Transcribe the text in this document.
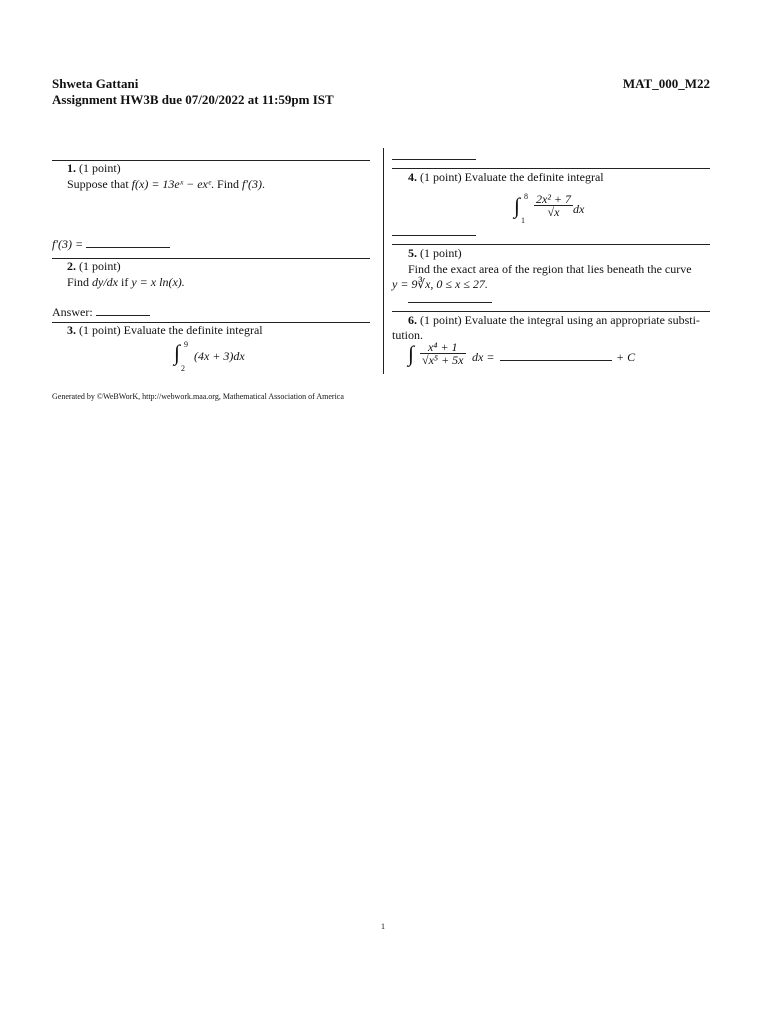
Shweta Gattani	MAT_000_M22
Assignment HW3B due 07/20/2022 at 11:59pm IST
1. (1 point)
Suppose that f(x) = 13eˣ − exᵉ. Find f′(3).
f′(3) =
2. (1 point)
Find dy/dx if y = x ln(x).
Answer:
3. (1 point) Evaluate the definite integral
∫ 9
2
(4x + 3)dx
4. (1 point) Evaluate the definite integral
∫ 8
1
$\frac{\text{2x² + 7}}{√x}$ dx
5. (1 point)
Find the exact area of the region that lies beneath the curve
y = 9∛x, 0 ≤ x ≤ 27.
6. (1 point) Evaluate the integral using an appropriate substi-
tution.
∫ $\frac{\text{x⁴ + 1}}{\text{√x⁵ + 5x}}$ dx =	+ C
Generated by ©WeBWorK, http://webwork.maa.org, Mathematical Association of America
1
